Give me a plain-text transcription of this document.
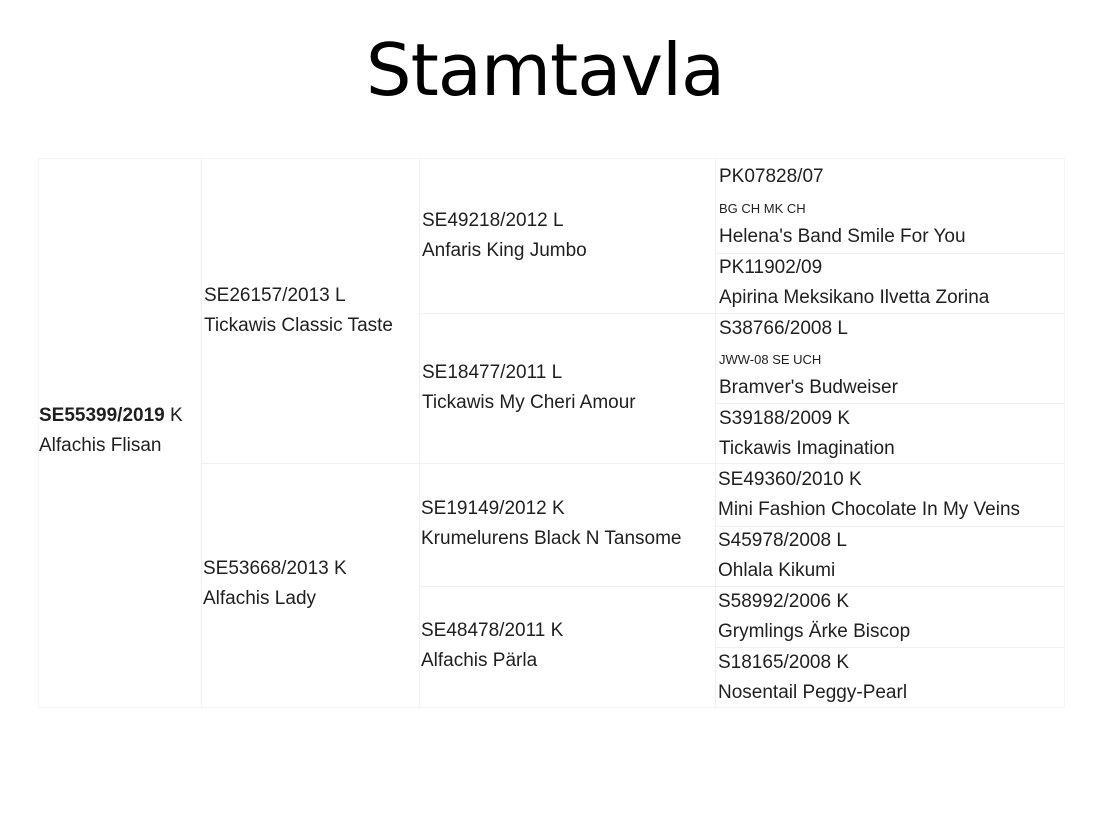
Stamtavla
SE55399/2019 K
Alfachis Flisan
SE26157/2013 L
Tickawis Classic Taste
SE53668/2013 K
Alfachis Lady
SE49218/2012 L
Anfaris King Jumbo
SE18477/2011 L
Tickawis My Cheri Amour
SE19149/2012 K
Krumelurens Black N Tansome
SE48478/2011 K
Alfachis Pärla
PK07828/07
BG CH MK CH
Helena's Band Smile For You
PK11902/09
Apirina Meksikano Ilvetta Zorina
S38766/2008 L
JWW-08 SE UCH
Bramver's Budweiser
S39188/2009 K
Tickawis Imagination
SE49360/2010 K
Mini Fashion Chocolate In My Veins
S45978/2008 L
Ohlala Kikumi
S58992/2006 K
Grymlings Ärke Biscop
S18165/2008 K
Nosentail Peggy-Pearl
